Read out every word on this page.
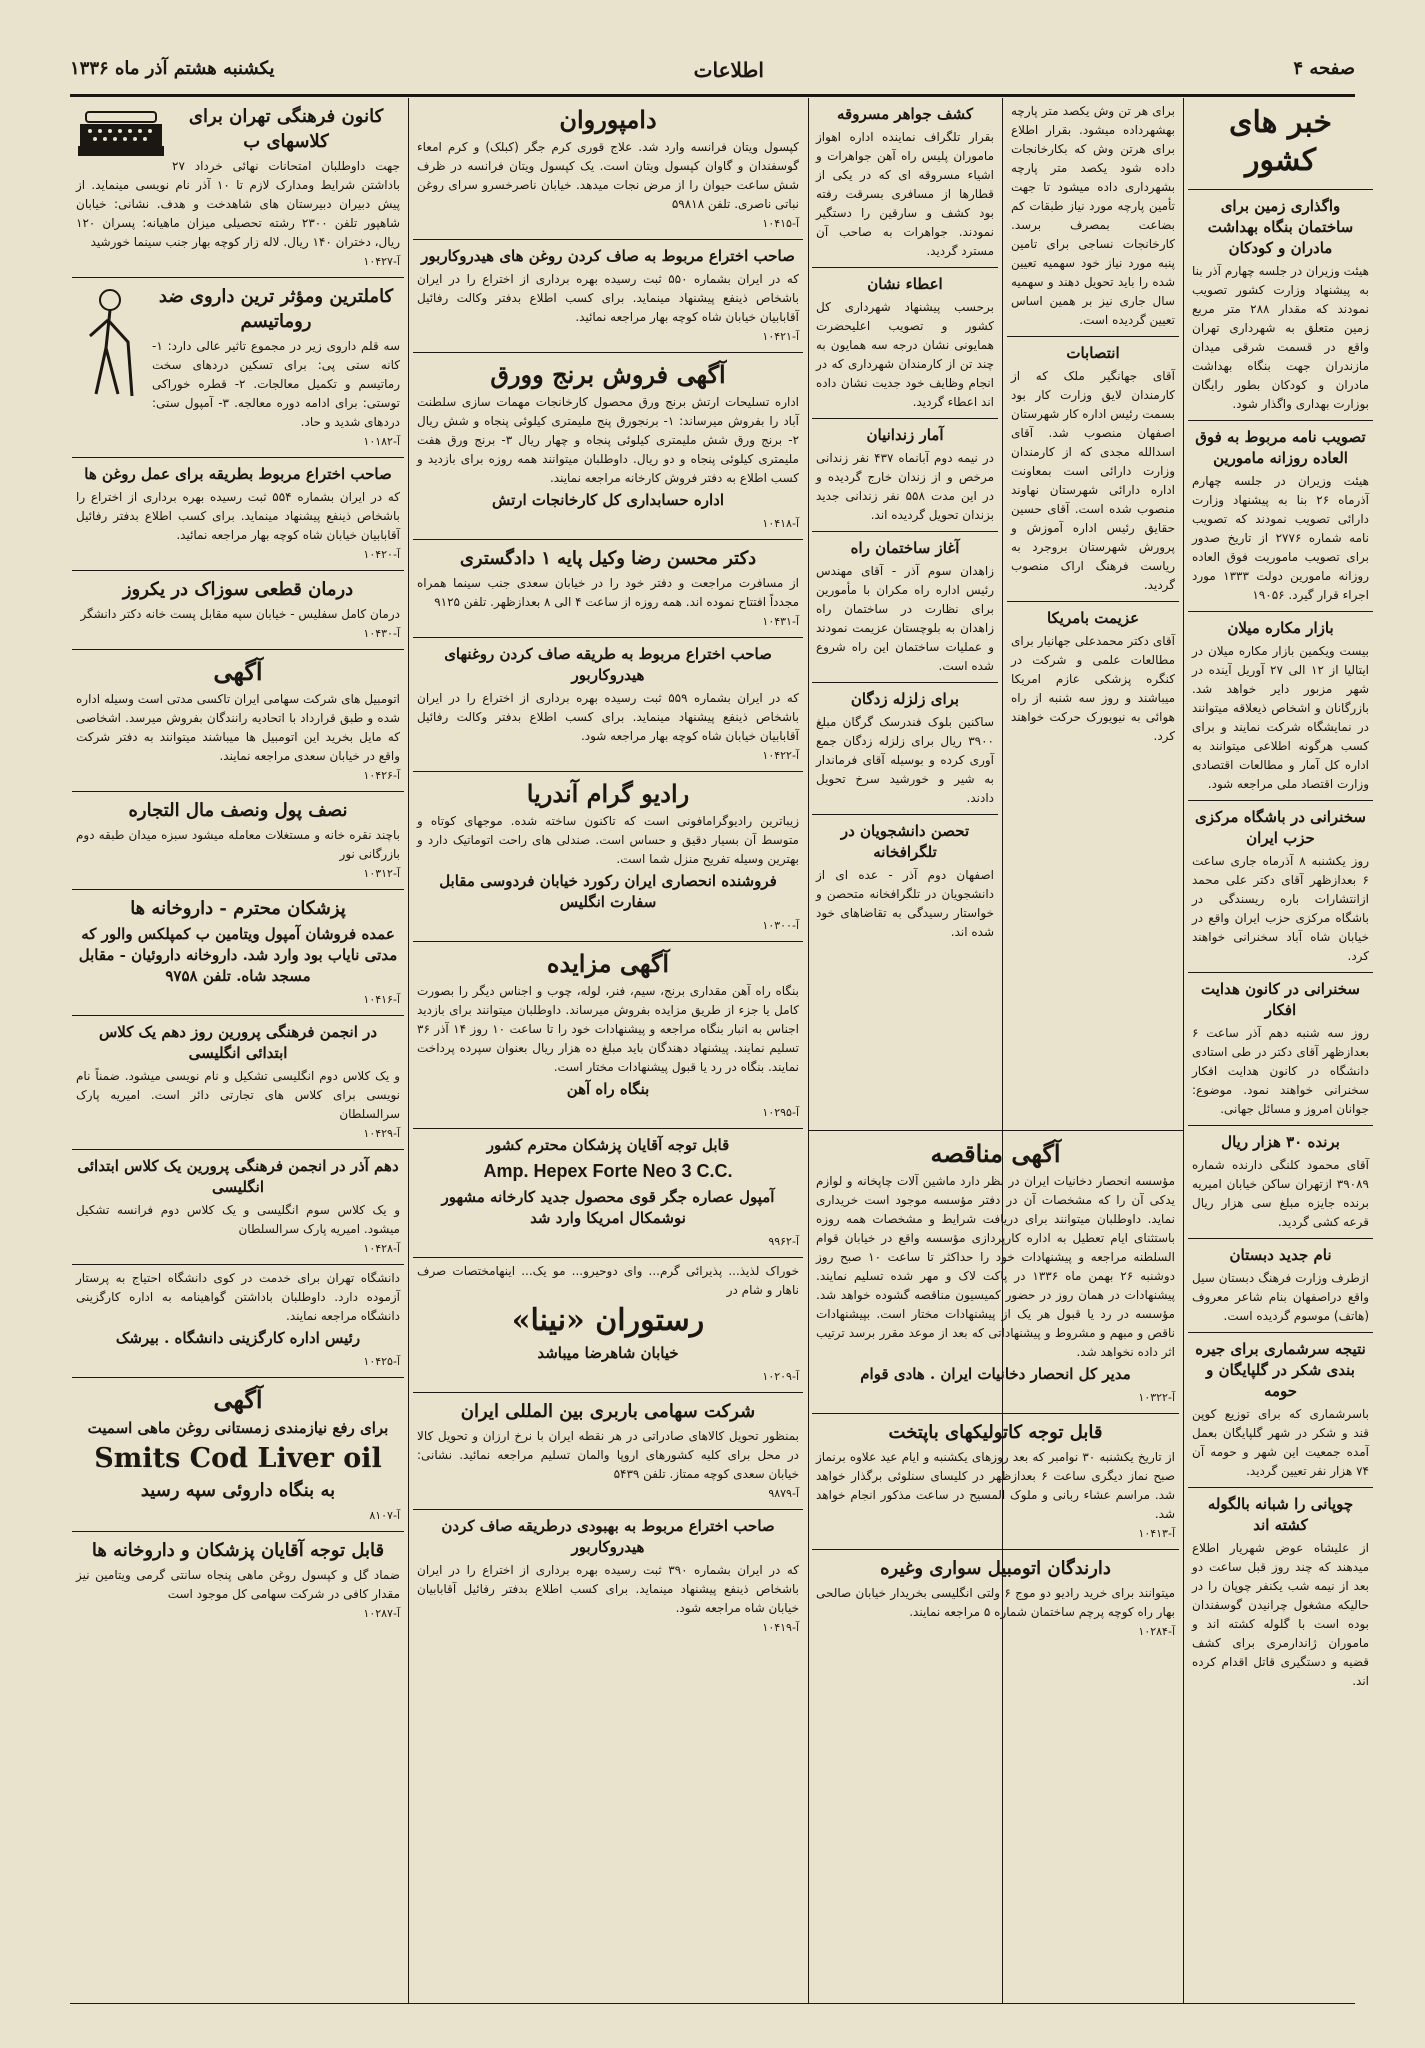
صفحه ۴
اطلاعات
یکشنبه هشتم آذر ماه ۱۳۳۶
خبر های کشور
واگذاری زمین برای ساختمان بنگاه بهداشت مادران و کودکان
هیئت وزیران در جلسه چهارم آذر بنا به پیشنهاد وزارت کشور تصویب نمودند که مقدار ۲۸۸ متر مربع زمین متعلق به شهرداری تهران واقع در قسمت شرقی میدان مازندران جهت بنگاه بهداشت مادران و کودکان بطور رایگان بوزارت بهداری واگذار شود.
تصویب نامه مربوط به فوق العاده روزانه مامورین
هیئت وزیران در جلسه چهارم آذرماه ۲۶ بنا به پیشنهاد وزارت دارائی تصویب نمودند که تصویب نامه شماره ۲۷۷۶ از تاریخ صدور برای تصویب ماموریت فوق العاده روزانه مامورین دولت ۱۳۳۳ مورد اجراء قرار گیرد. ۱۹۰۵۶
بازار مکاره میلان
بیست ویکمین بازار مکاره میلان در ایتالیا از ۱۲ الی ۲۷ آوریل آینده در شهر مزبور دایر خواهد شد. بازرگانان و اشخاص ذیعلاقه میتوانند در نمایشگاه شرکت نمایند و برای کسب هرگونه اطلاعی میتوانند به اداره کل آمار و مطالعات اقتصادی وزارت اقتصاد ملی مراجعه شود.
سخنرانی در باشگاه مرکزی حزب ایران
روز یکشنبه ۸ آذرماه جاری ساعت ۶ بعدازظهر آقای دکتر علی محمد ازانتشارات باره ریسندگی در باشگاه مرکزی حزب ایران واقع در خیابان شاه آباد سخنرانی خواهند کرد.
سخنرانی در کانون هدایت افکار
روز سه شنبه دهم آذر ساعت ۶ بعدازظهر آقای دکتر در طی استادی دانشگاه در کانون هدایت افکار سخنرانی خواهند نمود. موضوع: جوانان امروز و مسائل جهانی.
برنده ۳۰ هزار ریال
آقای محمود کلنگی دارنده شماره ۳۹۰۸۹ ازتهران ساکن خیابان امیریه برنده جایزه مبلغ سی هزار ریال قرعه کشی گردید.
نام جدید دبستان
ازطرف وزارت فرهنگ دبستان سیل واقع دراصفهان بنام شاعر معروف (هاتف) موسوم گردیده است.
نتیجه سرشماری برای جیره بندی شکر در گلپایگان و حومه
باسرشماری که برای توزیع کوپن قند و شکر در شهر گلپایگان بعمل آمده جمعیت این شهر و حومه آن ۷۴ هزار نفر تعیین گردید.
چوپانی را شبانه بالگوله کشته اند
از علیشاه عوض شهریار اطلاع میدهند که چند روز قبل ساعت دو بعد از نیمه شب یکنفر چوپان را در حالیکه مشغول چرانیدن گوسفندان بوده است با گلوله کشته اند و ماموران ژاندارمری برای کشف قضیه و دستگیری قاتل اقدام کرده اند.
برای هر تن وش یکصد متر پارچه بهشهرداده میشود. بقرار اطلاع برای هرتن وش که بکارخانجات داده شود یکصد متر پارچه بشهرداری داده میشود تا جهت تأمین پارچه مورد نیاز طبقات کم بضاعت بمصرف برسد. کارخانجات نساجی برای تامین پنبه مورد نیاز خود سهمیه تعیین شده را باید تحویل دهند و سهمیه سال جاری نیز بر همین اساس تعیین گردیده است.
انتصابات
آقای جهانگیر ملک که از کارمندان لایق وزارت کار بود بسمت رئیس اداره کار شهرستان اصفهان منصوب شد. آقای اسدالله مجدی که از کارمندان وزارت دارائی است بمعاونت اداره دارائی شهرستان نهاوند منصوب شده است. آقای حسین حقایق رئیس اداره آموزش و پرورش شهرستان بروجرد به ریاست فرهنگ اراک منصوب گردید.
عزیمت بامریکا
آقای دکتر محمدعلی جهانیار برای مطالعات علمی و شرکت در کنگره پزشکی عازم امریکا میباشند و روز سه شنبه از راه هوائی به نیویورک حرکت خواهند کرد.
کشف جواهر مسروقه
بقرار تلگراف نماینده اداره اهواز ماموران پلیس راه آهن جواهرات و اشیاء مسروقه ای که در یکی از قطارها از مسافری بسرقت رفته بود کشف و سارقین را دستگیر نمودند. جواهرات به صاحب آن مسترد گردید.
اعطاء نشان
برحسب پیشنهاد شهرداری کل کشور و تصویب اعلیحضرت همایونی نشان درجه سه همایون به چند تن از کارمندان شهرداری که در انجام وظایف خود جدیت نشان داده اند اعطاء گردید.
آمار زندانیان
در نیمه دوم آبانماه ۴۳۷ نفر زندانی مرخص و از زندان خارج گردیده و در این مدت ۵۵۸ نفر زندانی جدید بزندان تحویل گردیده اند.
آغاز ساختمان راه
زاهدان سوم آذر - آقای مهندس رئیس اداره راه مکران با مأمورین برای نظارت در ساختمان راه زاهدان به بلوچستان عزیمت نمودند و عملیات ساختمان این راه شروع شده است.
برای زلزله زدگان
ساکنین بلوک فندرسک گرگان مبلغ ۳۹۰۰ ریال برای زلزله زدگان جمع آوری کرده و بوسیله آقای فرماندار به شیر و خورشید سرخ تحویل دادند.
تحصن دانشجویان در تلگرافخانه
اصفهان دوم آذر - عده ای از دانشجویان در تلگرافخانه متحصن و خواستار رسیدگی به تقاضاهای خود شده اند.
آگهی مناقصه
مؤسسه انحصار دخانیات ایران در نظر دارد ماشین آلات چاپخانه و لوازم یدکی آن را که مشخصات آن در دفتر مؤسسه موجود است خریداری نماید. داوطلبان میتوانند برای دریافت شرایط و مشخصات همه روزه باستثنای ایام تعطیل به اداره کارپردازی مؤسسه واقع در خیابان قوام السلطنه مراجعه و پیشنهادات خود را حداکثر تا ساعت ۱۰ صبح روز دوشنبه ۲۶ بهمن ماه ۱۳۳۶ در پاکت لاک و مهر شده تسلیم نمایند. پیشنهادات در همان روز در حضور کمیسیون مناقصه گشوده خواهد شد. مؤسسه در رد یا قبول هر یک از پیشنهادات مختار است. بپیشنهادات ناقص و مبهم و مشروط و پیشنهاداتی که بعد از موعد مقرر برسد ترتیب اثر داده نخواهد شد.
مدیر کل انحصار دخانیات ایران . هادی قوام
آ-۱۰۳۲۲
قابل توجه کاتولیکهای باپتخت
از تاریخ یکشنبه ۳۰ نوامبر که بعد روزهای یکشنبه و ایام عید علاوه برنماز صبح نماز دیگری ساعت ۶ بعدازظهر در کلیسای سنلوئی برگذار خواهد شد. مراسم عشاء ربانی و ملوک المسیح در ساعت مذکور انجام خواهد شد.
آ-۱۰۴۱۳
دارندگان اتومبیل سواری وغیره
میتوانند برای خرید رادیو دو موج ۶ ولتی انگلیسی بخریدار خیابان صالحی بهار راه کوچه پرچم ساختمان شماره ۵ مراجعه نمایند.
آ-۱۰۲۸۴
دامپوروان
کپسول ویتان فرانسه وارد شد. علاج قوری کرم جگر (کبلک) و کرم امعاء گوسفندان و گاوان کپسول ویتان است. یک کپسول ویتان فرانسه در ظرف شش ساعت حیوان را از مرض نجات میدهد. خیابان ناصرخسرو سرای روغن نباتی ناصری. تلفن ۵۹۸۱۸
آ-۱۰۴۱۵
صاحب اختراع مربوط به صاف کردن روغن های هیدروکاربور
که در ایران بشماره ۵۵۰ ثبت رسیده بهره برداری از اختراع را در ایران باشخاص ذینفع پیشنهاد مینماید. برای کسب اطلاع بدفتر وکالت رفائیل آقابابیان خیابان شاه کوچه بهار مراجعه نمائید.
آ-۱۰۴۲۱
آگهی فروش برنج وورق
اداره تسلیحات ارتش برنج ورق محصول کارخانجات مهمات سازی سلطنت آباد را بفروش میرساند: ۱- برنجورق پنج ملیمتری کیلوئی پنجاه و شش ریال ۲- برنج ورق شش ملیمتری کیلوئی پنجاه و چهار ریال ۳- برنج ورق هفت ملیمتری کیلوئی پنجاه و دو ریال. داوطلبان میتوانند همه روزه برای بازدید و کسب اطلاع به دفتر فروش کارخانه مراجعه نمایند.
اداره حسابداری کل کارخانجات ارتش
آ-۱۰۴۱۸
دکتر محسن رضا وکیل پایه ۱ دادگستری
از مسافرت مراجعت و دفتر خود را در خیابان سعدی جنب سینما همراه مجدداً افتتاح نموده اند. همه روزه از ساعت ۴ الی ۸ بعدازظهر. تلفن ۹۱۲۵
آ-۱۰۴۳۱
صاحب اختراع مربوط به طریقه صاف کردن روغنهای هیدروکاربور
که در ایران بشماره ۵۵۹ ثبت رسیده بهره برداری از اختراع را در ایران باشخاص ذینفع پیشنهاد مینماید. برای کسب اطلاع بدفتر وکالت رفائیل آقابابیان خیابان شاه کوچه بهار مراجعه شود.
آ-۱۰۴۲۲
رادیو گرام آندریا
زیباترین رادیوگرامافونی است که تاکنون ساخته شده. موجهای کوتاه و متوسط آن بسیار دقیق و حساس است. صندلی های راحت اتوماتیک دارد و بهترین وسیله تفریح منزل شما است.
فروشنده انحصاری ایران رکورد خیابان فردوسی مقابل سفارت انگلیس
آ-۱۰۳۰۰
آگهی مزایده
بنگاه راه آهن مقداری برنج، سیم، فنر، لوله، چوب و اجناس دیگر را بصورت کامل یا جزء از طریق مزایده بفروش میرساند. داوطلبان میتوانند برای بازدید اجناس به انبار بنگاه مراجعه و پیشنهادات خود را تا ساعت ۱۰ روز ۱۴ آذر ۳۶ تسلیم نمایند. پیشنهاد دهندگان باید مبلغ ده هزار ریال بعنوان سپرده پرداخت نمایند. بنگاه در رد یا قبول پیشنهادات مختار است.
بنگاه راه آهن
آ-۱۰۲۹۵
قابل توجه آقایان پزشکان محترم کشور
Amp. Hepex Forte Neo 3 C.C.
آمپول عصاره جگر قوی محصول جدید کارخانه مشهور نوشمکال امریکا وارد شد
آ-۹۹۶۲
خوراک لذیذ... پذیرائی گرم... وای دوحیرو... مو یک... اینهامختصات صرف ناهار و شام در
رستوران «نینا»
خیابان شاهرضا میباشد
آ-۱۰۲۰۹
شرکت سهامی باربری بین المللی ایران
بمنظور تحویل کالاهای صادراتی در هر نقطه ایران با نرخ ارزان و تحویل کالا در محل برای کلیه کشورهای اروپا والمان تسلیم مراجعه نمائید. نشانی: خیابان سعدی کوچه ممتاز. تلفن ۵۴۳۹
آ-۹۸۷۹
صاحب اختراع مربوط به بهبودی درطریقه صاف کردن هیدروکاربور
که در ایران بشماره ۳۹۰ ثبت رسیده بهره برداری از اختراع را در ایران باشخاص ذینفع پیشنهاد مینماید. برای کسب اطلاع بدفتر رفائیل آقابابیان خیابان شاه مراجعه شود.
آ-۱۰۴۱۹
کانون فرهنگی تهران برای کلاسهای ب
جهت داوطلبان امتحانات نهائی خرداد ۲۷ باداشتن شرایط ومدارک لازم تا ۱۰ آذر نام نویسی مینماید. از پیش دبیران دبیرستان های شاهدخت و هدف. نشانی: خیابان شاهپور تلفن ۲۳۰۰ رشته تحصیلی میزان ماهیانه: پسران ۱۲۰ ریال، دختران ۱۴۰ ریال. لاله زار کوچه بهار جنب سینما خورشید
آ-۱۰۴۲۷
کاملترین ومؤثر ترین داروی ضد روماتیسم
سه قلم داروی زیر در مجموع تاثیر عالی دارد: ۱- کانه ستی پی: برای تسکین دردهای سخت رماتیسم و تکمیل معالجات. ۲- قطره خوراکی توستی: برای ادامه دوره معالجه. ۳- آمپول ستی: دردهای شدید و حاد.
آ-۱۰۱۸۲
صاحب اختراع مربوط بطریقه برای عمل روغن ها
که در ایران بشماره ۵۵۴ ثبت رسیده بهره برداری از اختراع را باشخاص ذینفع پیشنهاد مینماید. برای کسب اطلاع بدفتر رفائیل آقابابیان خیابان شاه کوچه بهار مراجعه نمائید.
آ-۱۰۴۲۰
درمان قطعی سوزاک در یکروز
درمان کامل سفلیس - خیابان سپه مقابل پست خانه دکتر دانشگر
آ-۱۰۴۳۰
آگهی
اتومبیل های شرکت سهامی ایران تاکسی مدتی است وسیله اداره شده و طبق قرارداد با اتحادیه رانندگان بفروش میرسد. اشخاصی که مایل بخرید این اتومبیل ها میباشند میتوانند به دفتر شرکت واقع در خیابان سعدی مراجعه نمایند.
آ-۱۰۴۲۶
نصف پول ونصف مال التجاره
باچند نقره خانه و مستغلات معامله میشود سبزه میدان طبقه دوم بازرگانی نور
آ-۱۰۳۱۲
پزشکان محترم - داروخانه ها
عمده فروشان آمپول ویتامین ب کمپلکس والور که مدتی نایاب بود وارد شد. داروخانه داروئیان - مقابل مسجد شاه. تلفن ۹۷۵۸
آ-۱۰۴۱۶
در انجمن فرهنگی پرورین روز دهم یک کلاس ابتدائی انگلیسی
و یک کلاس دوم انگلیسی تشکیل و نام نویسی میشود. ضمناً نام نویسی برای کلاس های تجارتی دائر است. امیریه پارک سرالسلطان
آ-۱۰۴۲۹
دهم آذر در انجمن فرهنگی پرورین یک کلاس ابتدائی انگلیسی
و یک کلاس سوم انگلیسی و یک کلاس دوم فرانسه تشکیل میشود. امیریه پارک سرالسلطان
آ-۱۰۴۲۸
دانشگاه تهران برای خدمت در کوی دانشگاه احتیاج به پرستار آزموده دارد. داوطلبان باداشتن گواهینامه به اداره کارگزینی دانشگاه مراجعه نمایند.
رئیس اداره کارگزینی دانشگاه . بیرشک
آ-۱۰۴۲۵
آگهی
برای رفع نیازمندی زمستانی روغن ماهی اسمیت
Smits Cod Liver oil
به بنگاه داروئی سپه رسید
آ-۸۱۰۷
قابل توجه آقایان پزشکان و داروخانه ها
ضماد گل و کپسول روغن ماهی پنجاه سانتی گرمی ویتامین نیز مقدار کافی در شرکت سهامی کل موجود است
آ-۱۰۲۸۷
